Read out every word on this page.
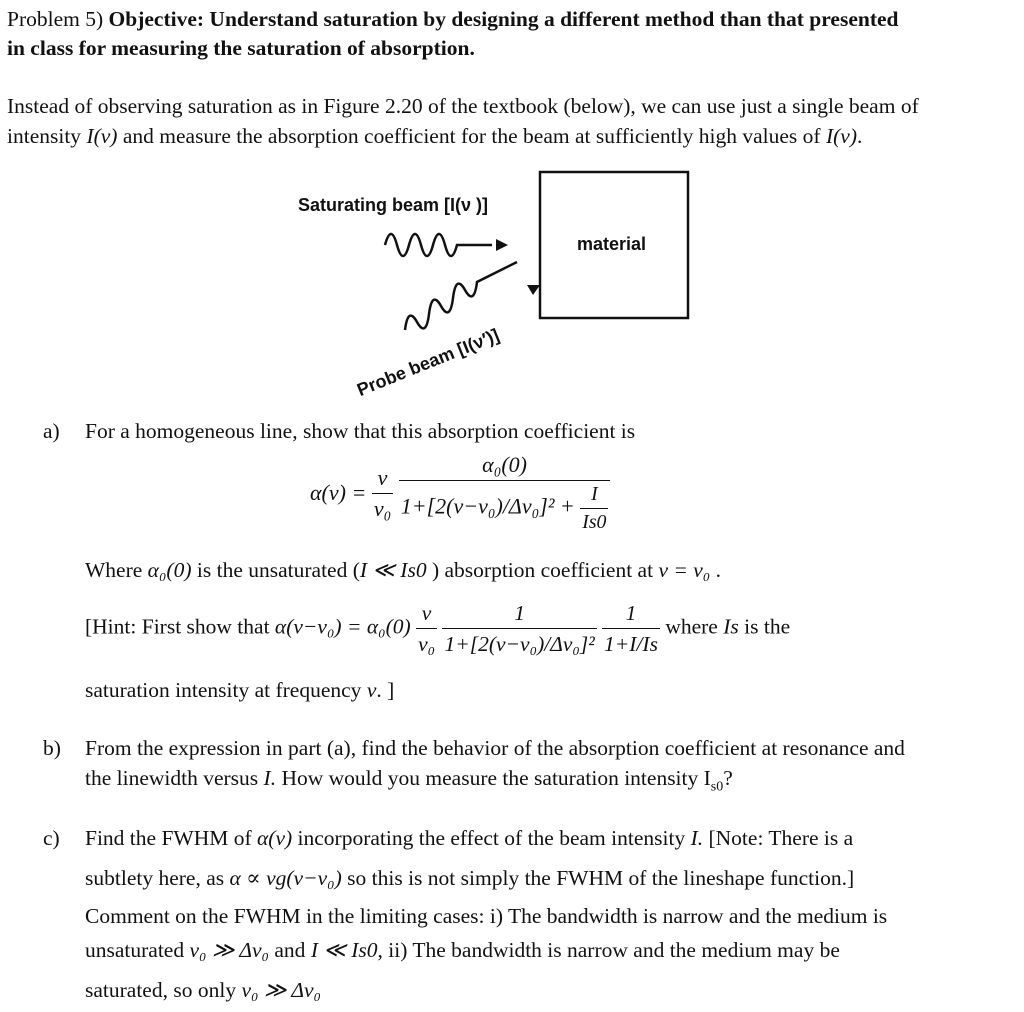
Problem 5) Objective: Understand saturation by designing a different method than that presented
in class for measuring the saturation of absorption.
Instead of observing saturation as in Figure 2.20 of the textbook (below), we can use just a single beam of
intensity I(ν) and measure the absorption coefficient for the beam at sufficiently high values of I(ν).
Saturating beam [I(ν )]
material
Probe beam [I(ν′)]
a) For a homogeneous line, show that this absorption coefficient is
$\alpha(\nu) = \frac{\nu}{\text{ν₀}}$
$\frac{\text{α₀(0)}}{1+[2(\nu-\nu_0)/\Delta\nu_0]^2 + \frac{I}{Is0}}$
Where α₀(0) is the unsaturated (I ≪ Is0 ) absorption coefficient at ν = ν₀ .
[Hint: First show that $\alpha(\nu-\nu_0) = \alpha_0(0) \frac{\nu}{\text{ν₀}}$
$\frac{1}{\text{1+[2(ν−ν₀)/Δν₀]²}}$
$\frac{1}{1+I/Is}$ where Is is the
saturation intensity at frequency ν. ]
b) From the expression in part (a), find the behavior of the absorption coefficient at resonance and
the linewidth versus I. How would you measure the saturation intensity $I_{s0}$?
c) Find the FWHM of α(ν) incorporating the effect of the beam intensity I. [Note: There is a
subtlety here, as α ∝ νg(ν−ν₀) so this is not simply the FWHM of the lineshape function.]
Comment on the FWHM in the limiting cases: i) The bandwidth is narrow and the medium is
unsaturated ν₀ ≫ Δν₀ and I ≪ Is0, ii) The bandwidth is narrow and the medium may be
saturated, so only ν₀ ≫ Δν₀
